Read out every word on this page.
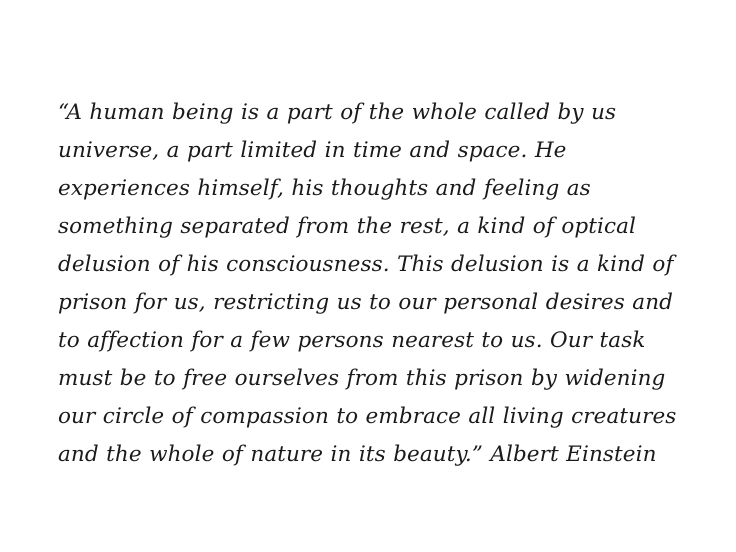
“A human being is a part of the whole called by us universe, a part limited in time and space. He experiences himself, his thoughts and feeling as something separated from the rest, a kind of optical delusion of his consciousness. This delusion is a kind of prison for us, restricting us to our personal desires and to affection for a few persons nearest to us. Our task must be to free ourselves from this prison by widening our circle of compassion to embrace all living creatures and the whole of nature in its beauty.” Albert Einstein
